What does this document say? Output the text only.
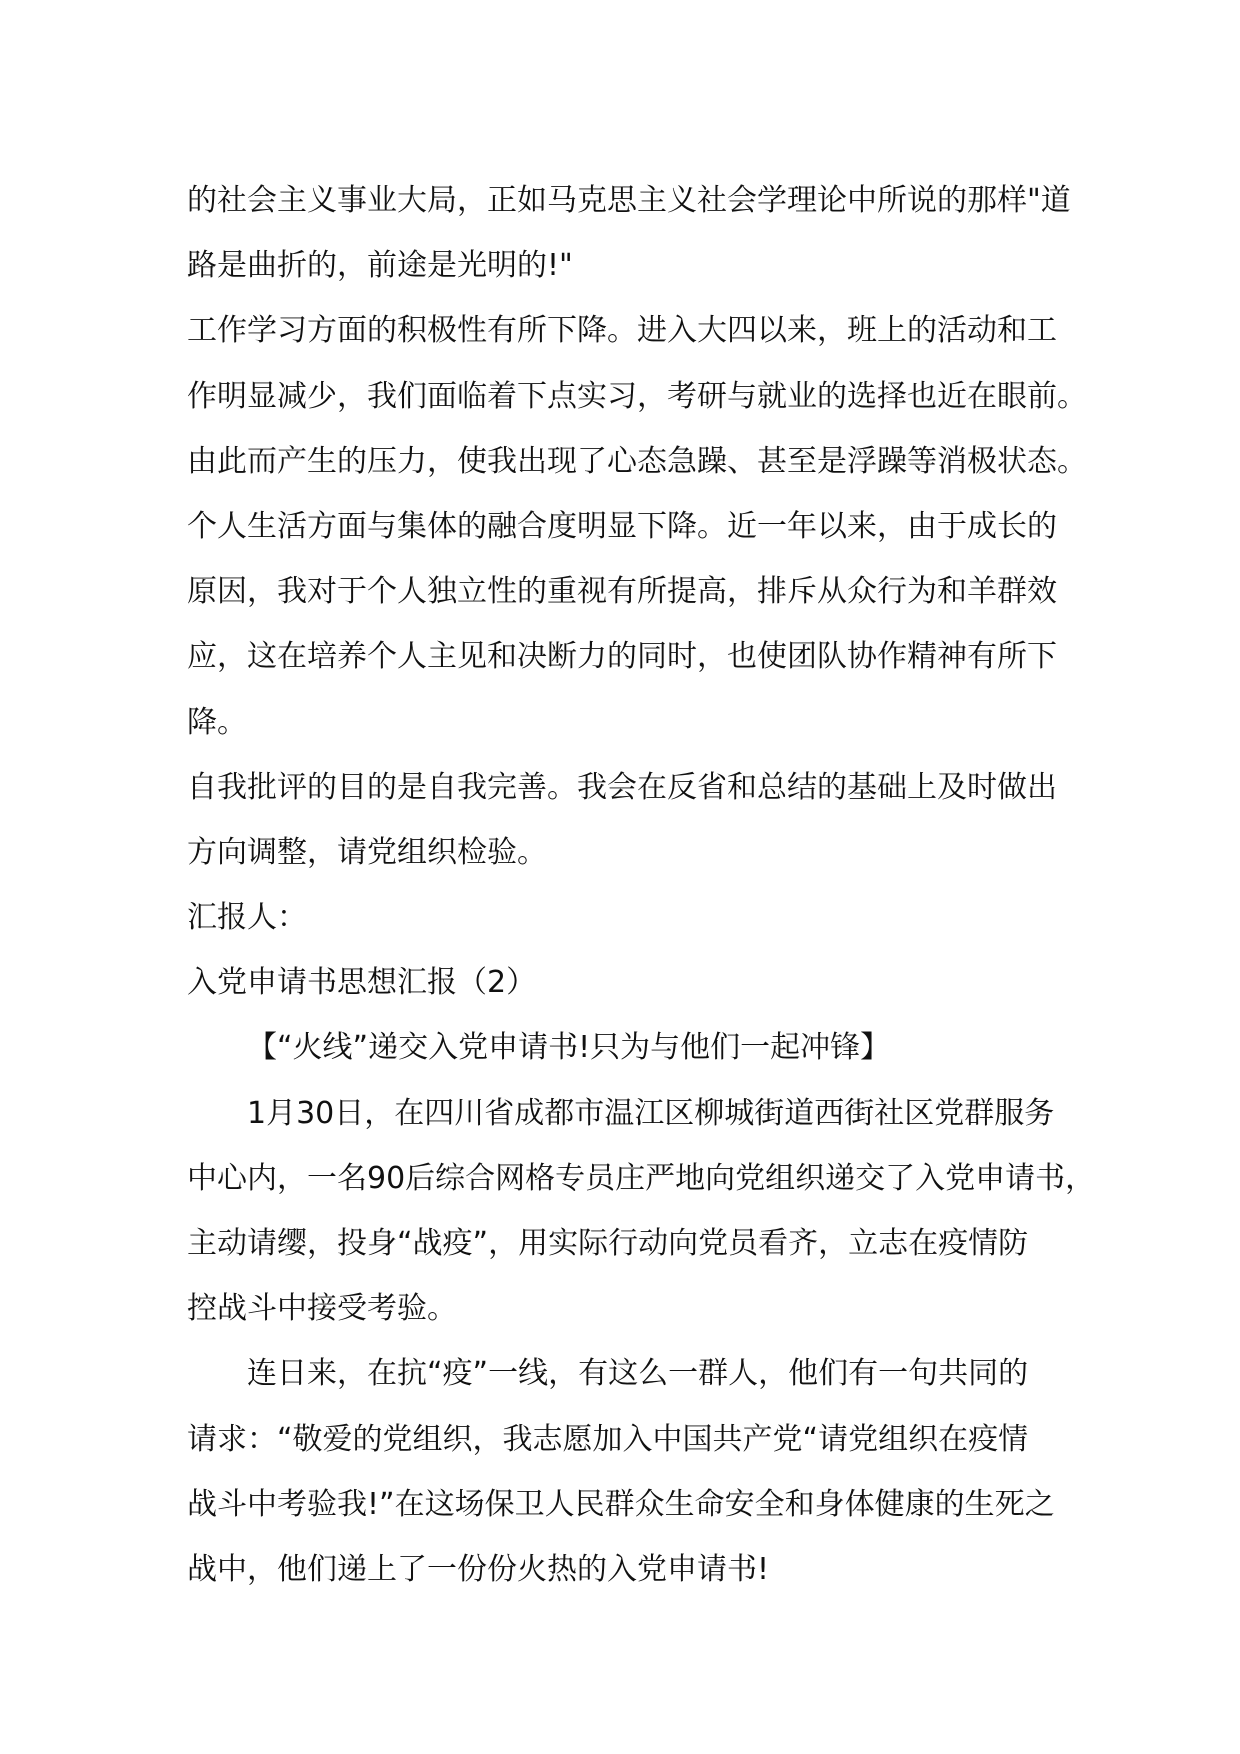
的社会主义事业大局，正如马克思主义社会学理论中所说的那样"道
路是曲折的，前途是光明的!"
工作学习方面的积极性有所下降。进入大四以来，班上的活动和工
作明显减少，我们面临着下点实习，考研与就业的选择也近在眼前。
由此而产生的压力，使我出现了心态急躁、甚至是浮躁等消极状态。
个人生活方面与集体的融合度明显下降。近一年以来，由于成长的
原因，我对于个人独立性的重视有所提高，排斥从众行为和羊群效
应，这在培养个人主见和决断力的同时，也使团队协作精神有所下
降。
自我批评的目的是自我完善。我会在反省和总结的基础上及时做出
方向调整，请党组织检验。
汇报人：
入党申请书思想汇报（2）
【“火线”递交入党申请书!只为与他们一起冲锋】
1月30日，在四川省成都市温江区柳城街道西街社区党群服务
中心内，一名90后综合网格专员庄严地向党组织递交了入党申请书，
主动请缨，投身“战疫”，用实际行动向党员看齐，立志在疫情防
控战斗中接受考验。
连日来，在抗“疫”一线，有这么一群人，他们有一句共同的
请求：“敬爱的党组织，我志愿加入中国共产党“请党组织在疫情
战斗中考验我!”在这场保卫人民群众生命安全和身体健康的生死之
战中，他们递上了一份份火热的入党申请书!
